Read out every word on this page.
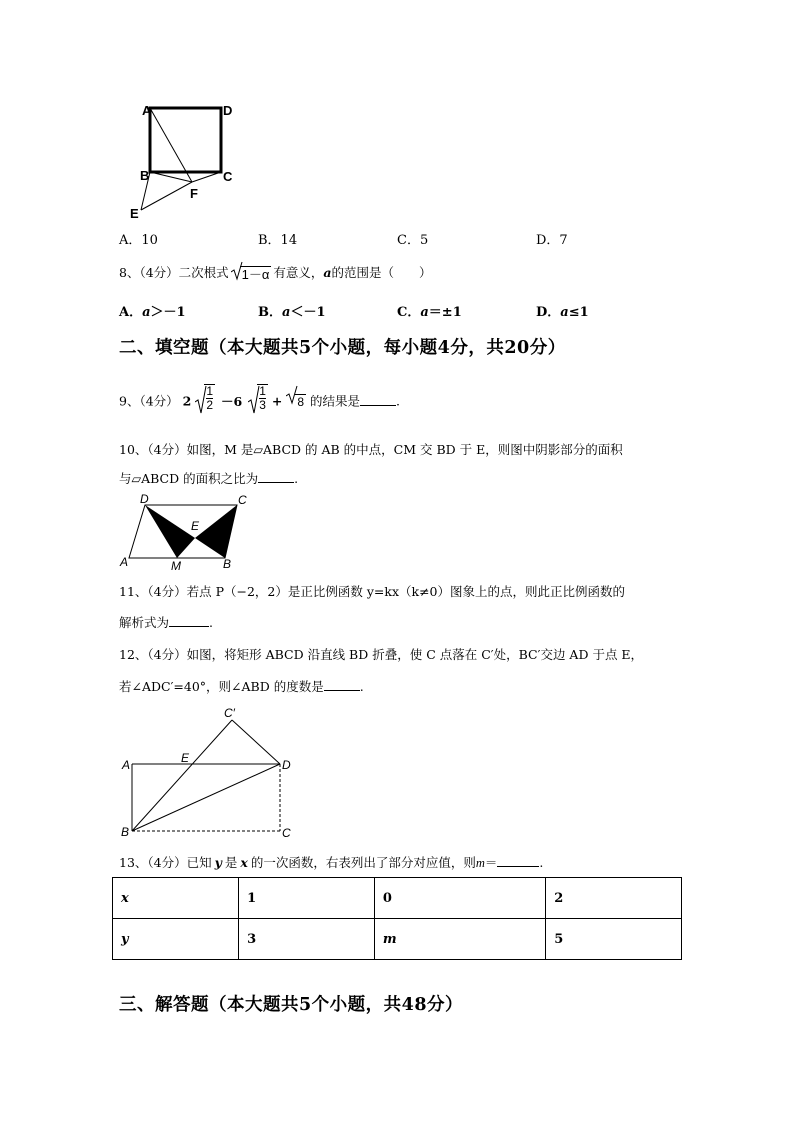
A	D
B	C
F
E
A．10	B．14	C．5	D．7
8、（4分）二次根式 1－α 有意义，a的范围是（　　）
A．a＞－1	B．a＜－1	C．a＝±1	D．a≤1
二、填空题（本大题共5个小题，每小题4分，共20分）
9、（4分） $2 \frac{1}{2} -6 \frac{1}{3} + 8$ 的结果是	.
10、（4分）如图，M 是▱ABCD 的 AB 的中点，CM 交 BD 于 E，则图中阴影部分的面积
与▱ABCD 的面积之比为	.
D	C
E
A	M	B
11、（4分）若点 P（−2，2）是正比例函数 y=kx（k≠0）图象上的点，则此正比例函数的
解析式为	.
12、（4分）如图，将矩形 ABCD 沿直线 BD 折叠，使 C 点落在 C′处，BC′交边 AD 于点 E，
若∠ADC′=40°，则∠ABD 的度数是	.
C′
A	E	D
B	C
13、（4分）已知 y 是 x 的一次函数，右表列出了部分对应值，则m＝	.
x	1	0	2
y	3	m	5
三、解答题（本大题共5个小题，共48分）
